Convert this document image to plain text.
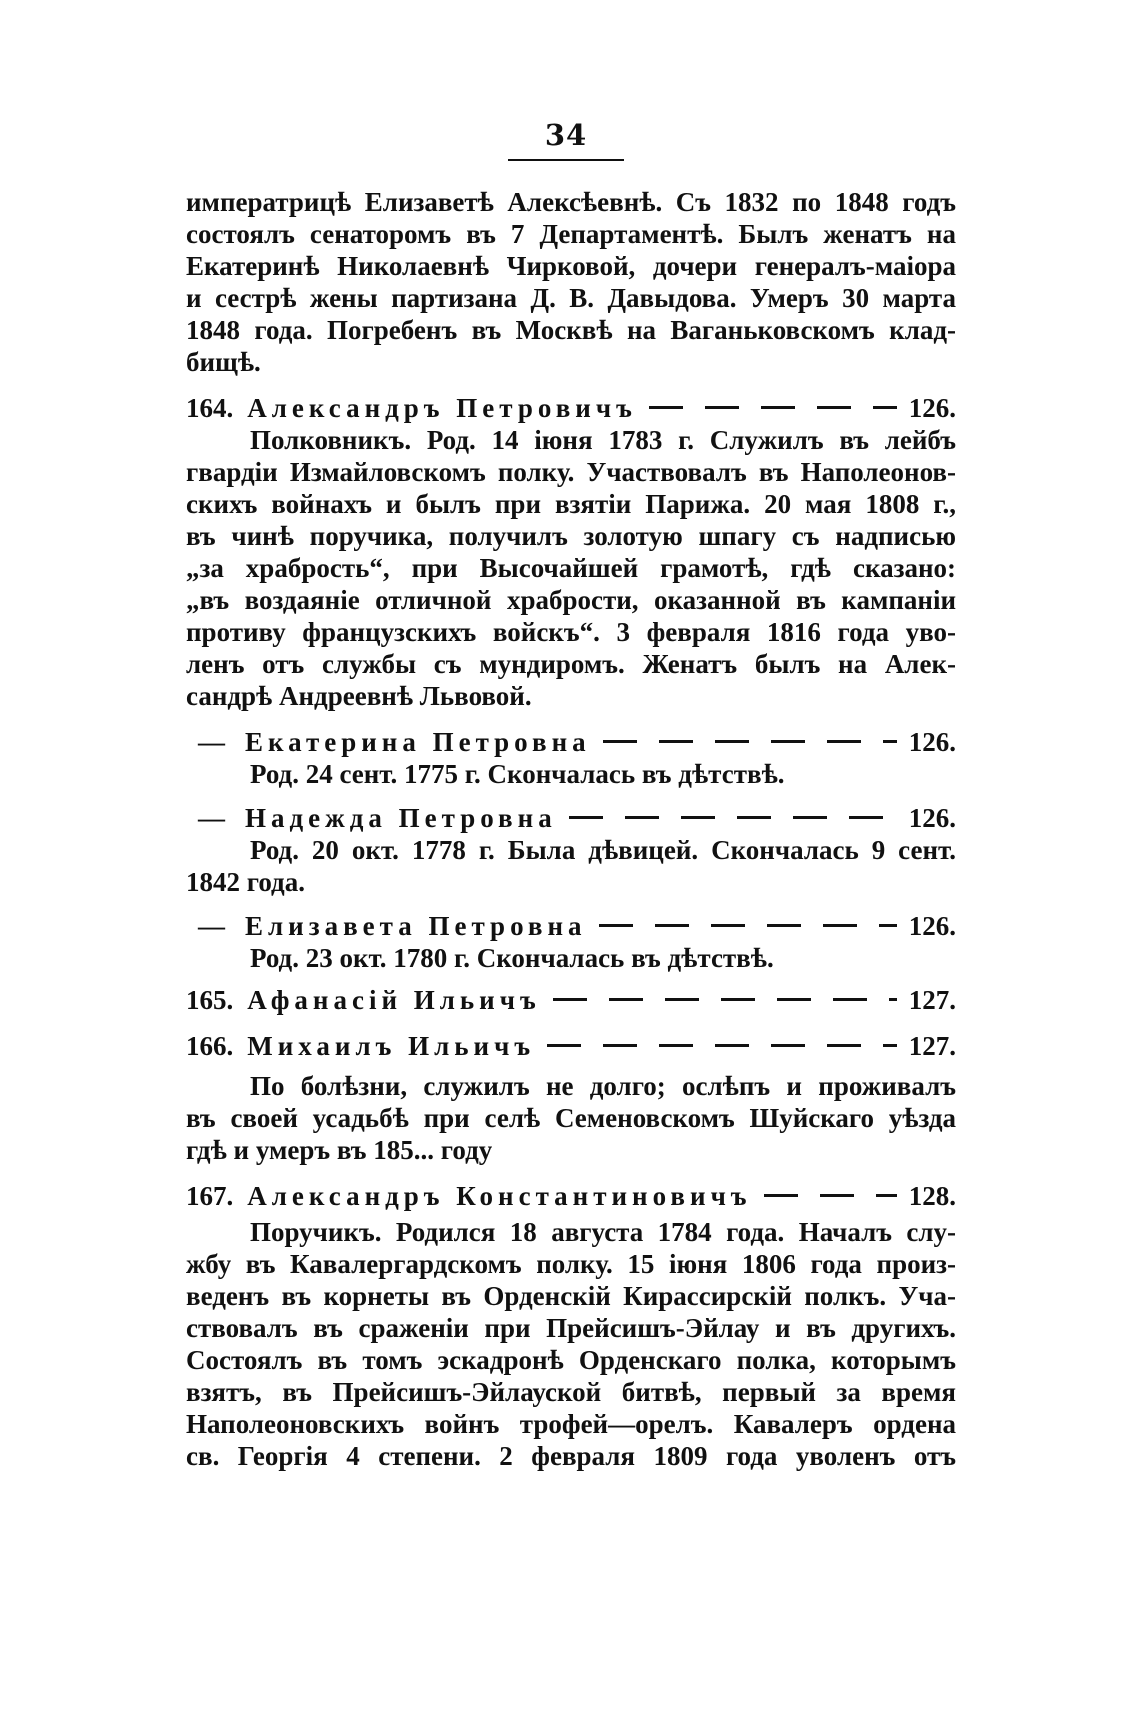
34
императрицѣ Елизаветѣ Алексѣевнѣ. Съ 1832 по 1848 годъ
состоялъ сенаторомъ въ 7 Департаментѣ. Былъ женатъ на
Екатеринѣ Николаевнѣ Чирковой, дочери генералъ-маіора
и сестрѣ жены партизана Д. В. Давыдова. Умеръ 30 марта
1848 года. Погребенъ въ Москвѣ на Ваганьковскомъ клад-
бищѣ.
164. Александръ Петровичъ	126.
Полковникъ. Род. 14 іюня 1783 г. Служилъ въ лейбъ
гвардіи Измайловскомъ полку. Участвовалъ въ Наполеонов-
скихъ войнахъ и былъ при взятіи Парижа. 20 мая 1808 г.,
въ чинѣ поручика, получилъ золотую шпагу съ надписью
„за храбрость“, при Высочайшей грамотѣ, гдѣ сказано:
„въ воздаяніе отличной храбрости, оказанной въ кампаніи
противу французскихъ войскъ“. 3 февраля 1816 года уво-
ленъ отъ службы съ мундиромъ. Женатъ былъ на Алек-
сандрѣ Андреевнѣ Львовой.
— Екатерина Петровна	126.
Род. 24 сент. 1775 г. Скончалась въ дѣтствѣ.
— Надежда Петровна	126.
Род. 20 окт. 1778 г. Была дѣвицей. Скончалась 9 сент.
1842 года.
— Елизавета Петровна	126.
Род. 23 окт. 1780 г. Скончалась въ дѣтствѣ.
165. Афанасій Ильичъ	127.
166. Михаилъ Ильичъ	127.
По болѣзни, служилъ не долго; ослѣпъ и проживалъ
въ своей усадьбѣ при селѣ Семеновскомъ Шуйскаго уѣзда
гдѣ и умеръ въ 185... году
167. Александръ Константиновичъ	128.
Поручикъ. Родился 18 августа 1784 года. Началъ слу-
жбу въ Кавалергардскомъ полку. 15 іюня 1806 года произ-
веденъ въ корнеты въ Орденскій Кирассирскій полкъ. Уча-
ствовалъ въ сраженіи при Прейсишъ-Эйлау и въ другихъ.
Состоялъ въ томъ эскадронѣ Орденскаго полка, которымъ
взятъ, въ Прейсишъ-Эйлауской битвѣ, первый за время
Наполеоновскихъ войнъ трофей—орелъ. Кавалеръ ордена
св. Георгія 4 степени. 2 февраля 1809 года уволенъ отъ
